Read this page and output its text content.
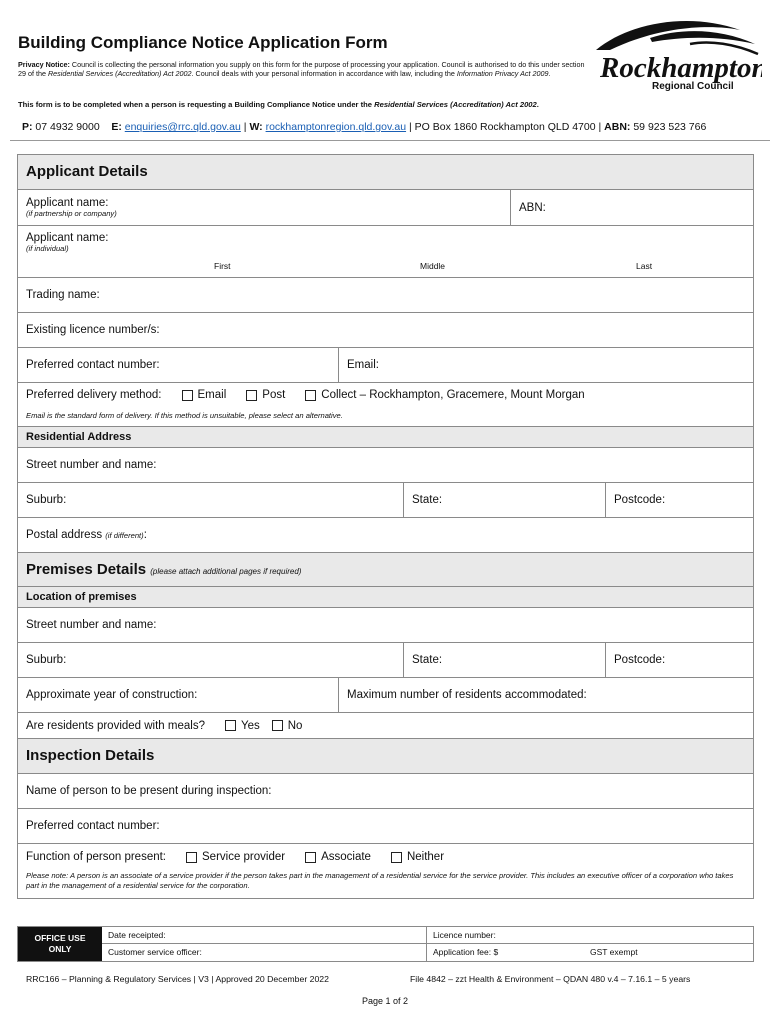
Building Compliance Notice Application Form
Privacy Notice: Council is collecting the personal information you supply on this form for the purpose of processing your application. Council is authorised to do this under section 29 of the Residential Services (Accreditation) Act 2002. Council deals with your personal information in accordance with law, including the Information Privacy Act 2009.	Rockhampton
Regional Council
This form is to be completed when a person is requesting a Building Compliance Notice under the Residential Services (Accreditation) Act 2002.
P: 07 4932 9000 E: enquiries@rrc.qld.gov.au | W: rockhamptonregion.qld.gov.au | PO Box 1860 Rockhampton QLD 4700 | ABN: 59 923 523 766
Applicant Details
Applicant name:
(if partnership or company)	ABN:
Applicant name:
(if individual)
First	Middle	Last
Trading name:
Existing licence number/s:
Preferred contact number:	Email:
Preferred delivery method:	Email	Post	Collect – Rockhampton, Gracemere, Mount Morgan
Email is the standard form of delivery. If this method is unsuitable, please select an alternative.
Residential Address
Street number and name:
Suburb:	State:	Postcode:
Postal address
(if different) :
Premises Details (please attach additional pages if required)
Location of premises
Street number and name:
Suburb:	State:	Postcode:
Approximate year of construction:	Maximum number of residents accommodated:
Are residents provided with meals?	Yes No
Inspection Details
Name of person to be present during inspection:
Preferred contact number:
Function of person present:	Service provider	Associate	Neither
Please note: A person is an associate of a service provider if the person takes part in the management of a residential service for the service provider. This includes an executive officer of a corporation who takes part in the management of a residential service for the corporation.
OFFICE USE
ONLY
Date receipted:	Licence number:
Customer service officer:	Application fee: $	GST exempt
RRC166 – Planning & Regulatory Services | V3 | Approved 20 December 2022	File 4842 – zzt Health & Environment – QDAN 480 v.4 – 7.16.1 – 5 years
Page 1 of 2
